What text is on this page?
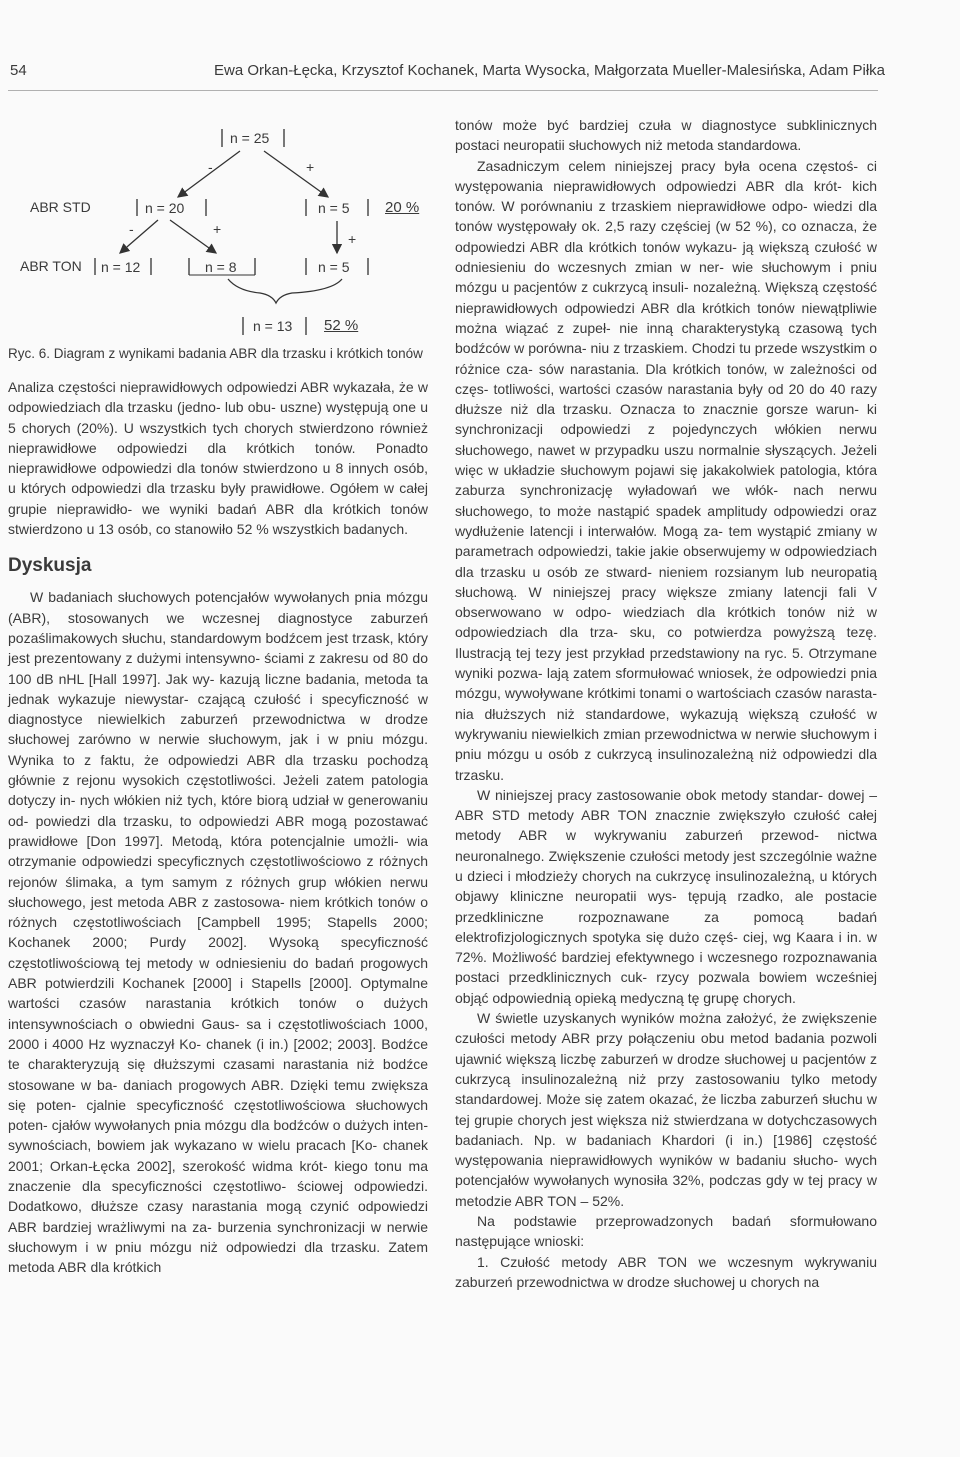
54	Ewa Orkan-Łęcka, Krzysztof Kochanek, Marta Wysocka, Małgorzata Mueller-Malesińska, Adam Piłka
n = 25
-	+
ABR STD	n = 20	n = 5 20 %
-	+
+
ABR TON n = 12	n = 8	n = 5
n = 13 52 %
Ryc. 6. Diagram z wynikami badania ABR dla trzasku i krótkich tonów

Analiza częstości nieprawidłowych odpowiedzi ABR wykazała, że w odpowiedziach dla trzasku (jedno- lub obu- uszne) występują one u 5 chorych (20%). U wszystkich tych chorych stwierdzono również nieprawidłowe odpowiedzi dla krótkich tonów. Ponadto nieprawidłowe odpowiedzi dla tonów stwierdzono u 8 innych osób, u których odpowiedzi dla trzasku były prawidłowe. Ogółem w całej grupie nieprawidło- we wyniki badań ABR dla krótkich tonów stwierdzono u 13 osób, co stanowiło 52 % wszystkich badanych.

Dyskusja

W badaniach słuchowych potencjałów wywołanych pnia mózgu (ABR), stosowanych we wczesnej diagnostyce zaburzeń pozaślimakowych słuchu, standardowym bodźcem jest trzask, który jest prezentowany z dużymi intensywno- ściami z zakresu od 80 do 100 dB nHL [Hall 1997]. Jak wy- kazują liczne badania, metoda ta jednak wykazuje niewystar- czającą czułość i specyficzność w diagnostyce niewielkich zaburzeń przewodnictwa w drodze słuchowej zarówno w nerwie słuchowym, jak i w pniu mózgu. Wynika to z faktu, że odpowiedzi ABR dla trzasku pochodzą głównie z rejonu wysokich częstotliwości. Jeżeli zatem patologia dotyczy in- nych włókien niż tych, które biorą udział w generowaniu od- powiedzi dla trzasku, to odpowiedzi ABR mogą pozostawać prawidłowe [Don 1997]. Metodą, która potencjalnie umożli- wia otrzymanie odpowiedzi specyficznych częstotliwościowo z różnych rejonów ślimaka, a tym samym z różnych grup włókien nerwu słuchowego, jest metoda ABR z zastosowa- niem krótkich tonów o różnych częstotliwościach [Campbell 1995; Stapells 2000; Kochanek 2000; Purdy 2002]. Wysoką specyficzność częstotliwościową tej metody w odniesieniu do badań progowych ABR potwierdzili Kochanek [2000] i Stapells [2000]. Optymalne wartości czasów narastania krótkich tonów o dużych intensywnościach o obwiedni Gaus- sa i częstotliwościach 1000, 2000 i 4000 Hz wyznaczył Ko- chanek (i in.) [2002; 2003]. Bodźce te charakteryzują się dłuższymi czasami narastania niż bodźce stosowane w ba- daniach progowych ABR. Dzięki temu zwiększa się poten- cjalnie specyficzność częstotliwościowa słuchowych poten- cjałów wywołanych pnia mózgu dla bodźców o dużych inten- sywnościach, bowiem jak wykazano w wielu pracach [Ko- chanek 2001; Orkan-Łęcka 2002], szerokość widma krót- kiego tonu ma znaczenie dla specyficzności częstotliwo- ściowej odpowiedzi. Dodatkowo, dłuższe czasy narastania mogą czynić odpowiedzi ABR bardziej wrażliwymi na za- burzenia synchronizacji w nerwie słuchowym i w pniu mózgu niż odpowiedzi dla trzasku. Zatem metoda ABR dla krótkich

tonów może być bardziej czuła w diagnostyce subklinicznych postaci neuropatii słuchowych niż metoda standardowa.

Zasadniczym celem niniejszej pracy była ocena częstoś- ci występowania nieprawidłowych odpowiedzi ABR dla krót- kich tonów. W porównaniu z trzaskiem nieprawidłowe odpo- wiedzi dla tonów występowały ok. 2,5 razy częściej (w 52 %), co oznacza, że odpowiedzi ABR dla krótkich tonów wykazu- ją większą czułość w odniesieniu do wczesnych zmian w ner- wie słuchowym i pniu mózgu u pacjentów z cukrzycą insuli- nozależną. Większą częstość nieprawidłowych odpowiedzi ABR dla krótkich tonów niewątpliwie można wiązać z zupeł- nie inną charakterystyką czasową tych bodźców w porówna- niu z trzaskiem. Chodzi tu przede wszystkim o różnice cza- sów narastania. Dla krótkich tonów, w zależności od częs- totliwości, wartości czasów narastania były od 20 do 40 razy dłuższe niż dla trzasku. Oznacza to znacznie gorsze warun- ki synchronizacji odpowiedzi z pojedynczych włókien nerwu słuchowego, nawet w przypadku uszu normalnie słyszących. Jeżeli więc w układzie słuchowym pojawi się jakakolwiek patologia, która zaburza synchronizację wyładowań we włók- nach nerwu słuchowego, to może nastąpić spadek amplitudy odpowiedzi oraz wydłużenie latencji i interwałów. Mogą za- tem wystąpić zmiany w parametrach odpowiedzi, takie jakie obserwujemy w odpowiedziach dla trzasku u osób ze stward- nieniem rozsianym lub neuropatią słuchową. W niniejszej pracy większe zmiany latencji fali V obserwowano w odpo- wiedziach dla krótkich tonów niż w odpowiedziach dla trza- sku, co potwierdza powyższą tezę. Ilustracją tej tezy jest przykład przedstawiony na ryc. 5. Otrzymane wyniki pozwa- lają zatem sformułować wniosek, że odpowiedzi pnia mózgu, wywoływane krótkimi tonami o wartościach czasów narasta- nia dłuższych niż standardowe, wykazują większą czułość w wykrywaniu niewielkich zmian przewodnictwa w nerwie słuchowym i pniu mózgu u osób z cukrzycą insulinozależną niż odpowiedzi dla trzasku.

W niniejszej pracy zastosowanie obok metody standar- dowej – ABR STD metody ABR TON znacznie zwiększyło czułość całej metody ABR w wykrywaniu zaburzeń przewod- nictwa neuronalnego. Zwiększenie czułości metody jest szczególnie ważne u dzieci i młodzieży chorych na cukrzycę insulinozależną, u których objawy kliniczne neuropatii wys- tępują rzadko, ale postacie przedkliniczne rozpoznawane za pomocą badań elektrofizjologicznych spotyka się dużo częś- ciej, wg Kaara i in. w 72%. Możliwość bardziej efektywnego i wczesnego rozpoznawania postaci przedklinicznych cuk- rzycy pozwala bowiem wcześniej objąć odpowiednią opieką medyczną tę grupę chorych.

W świetle uzyskanych wyników można założyć, że zwiększenie czułości metody ABR przy połączeniu obu metod badania pozwoli ujawnić większą liczbę zaburzeń w drodze słuchowej u pacjentów z cukrzycą insulinozależną niż przy zastosowaniu tylko metody standardowej. Może się zatem okazać, że liczba zaburzeń słuchu w tej grupie chorych jest większa niż stwierdzana w dotychczasowych badaniach. Np. w badaniach Khardori (i in.) [1986] częstość występowania nieprawidłowych wyników w badaniu słucho- wych potencjałów wywołanych wynosiła 32%, podczas gdy w tej pracy w metodzie ABR TON – 52%.

Na podstawie przeprowadzonych badań sformułowano następujące wnioski:

1. Czułość metody ABR TON we wczesnym wykrywaniu zaburzeń przewodnictwa w drodze słuchowej u chorych na
